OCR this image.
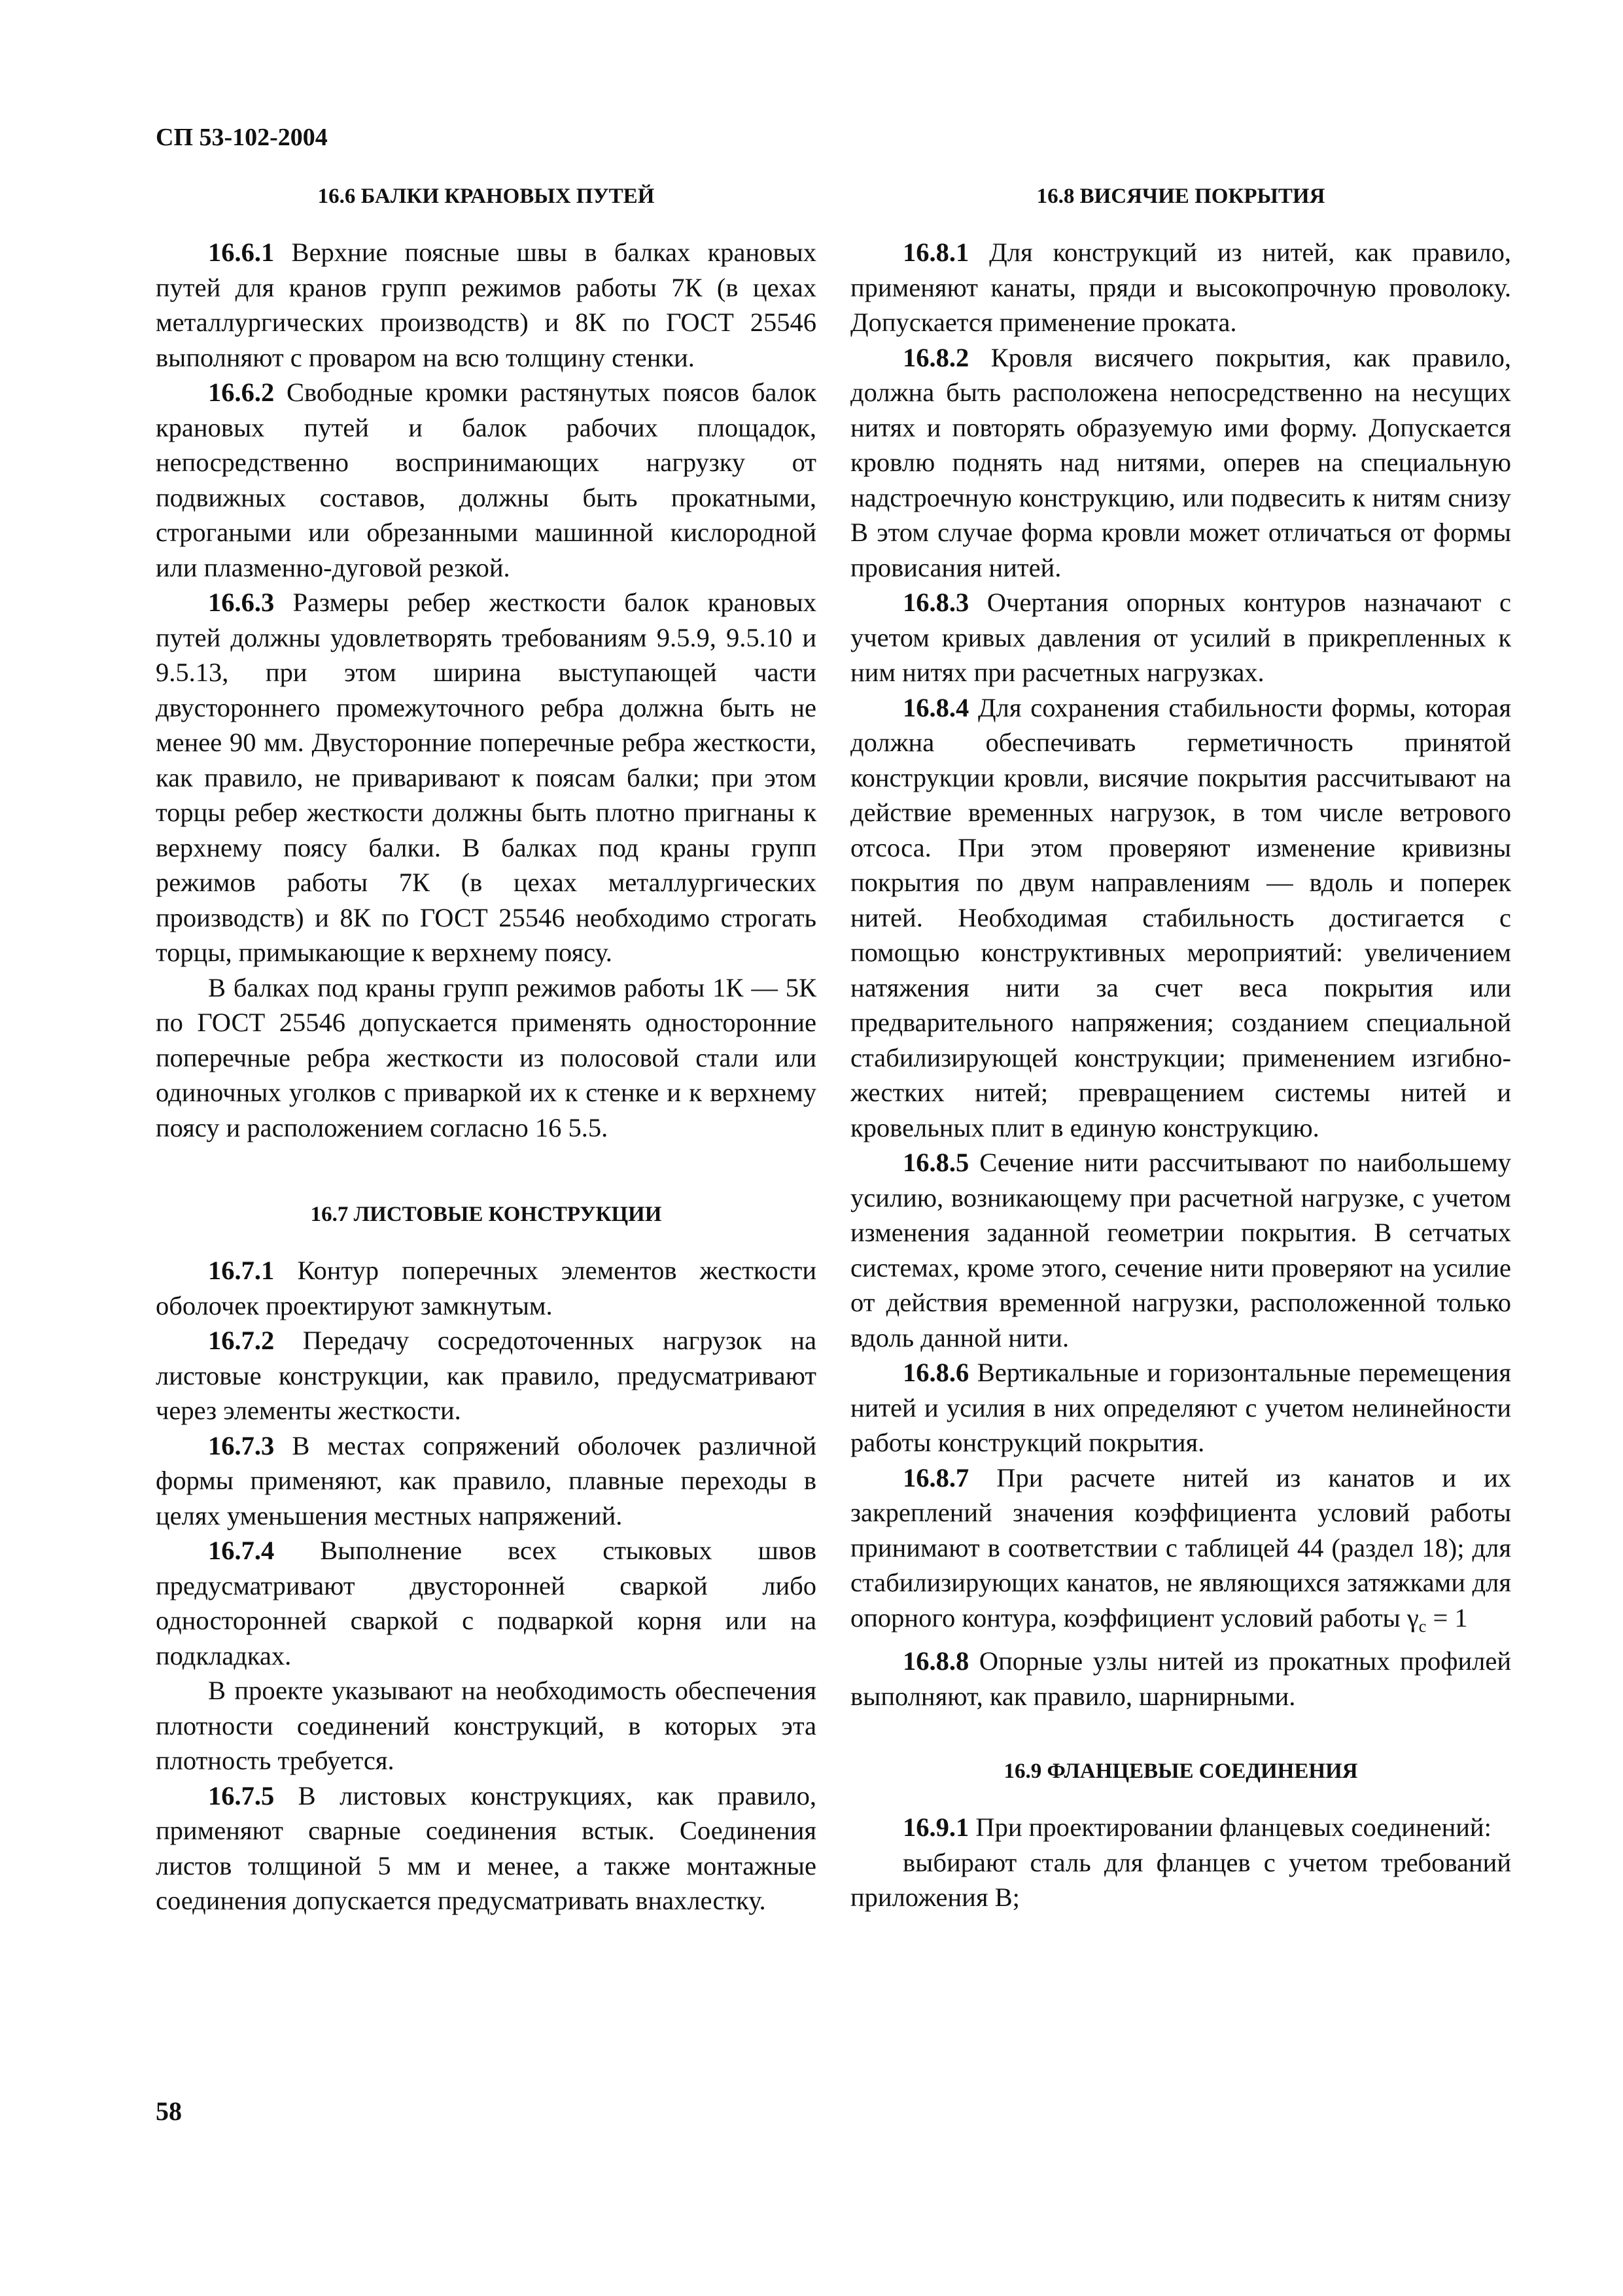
СП 53-102-2004
16.6 БАЛКИ КРАНОВЫХ ПУТЕЙ

16.6.1 Верхние поясные швы в балках крановых путей для кранов групп режимов работы 7К (в цехах металлургических производств) и 8К по ГОСТ 25546 выполняют с проваром на всю толщину стенки.

16.6.2 Свободные кромки растянутых поясов балок крановых путей и балок рабочих площадок, непосредственно воспринимающих нагрузку от подвижных составов, должны быть прокатными, строгаными или обрезанными машинной кислородной или плазменно-дуговой резкой.

16.6.3 Размеры ребер жесткости балок крановых путей должны удовлетворять требованиям 9.5.9, 9.5.10 и 9.5.13, при этом ширина выступающей части двустороннего промежуточного ребра должна быть не менее 90 мм. Двусторонние поперечные ребра жесткости, как правило, не приваривают к поясам балки; при этом торцы ребер жесткости должны быть плотно пригнаны к верхнему поясу балки. В балках под краны групп режимов работы 7К (в цехах металлургических производств) и 8К по ГОСТ 25546 необходимо строгать торцы, примыкающие к верхнему поясу.

В балках под краны групп режимов работы 1К — 5К по ГОСТ 25546 допускается применять односторонние поперечные ребра жесткости из полосовой стали или одиночных уголков с приваркой их к стенке и к верхнему поясу и расположением согласно 16 5.5.

16.7 ЛИСТОВЫЕ КОНСТРУКЦИИ

16.7.1 Контур поперечных элементов жесткости оболочек проектируют замкнутым.

16.7.2 Передачу сосредоточенных нагрузок на листовые конструкции, как правило, предусматривают через элементы жесткости.

16.7.3 В местах сопряжений оболочек различной формы применяют, как правило, плавные переходы в целях уменьшения местных напряжений.

16.7.4 Выполнение всех стыковых швов предусматривают двусторонней сваркой либо односторонней сваркой с подваркой корня или на подкладках.

В проекте указывают на необходимость обеспечения плотности соединений конструкций, в которых эта плотность требуется.

16.7.5 В листовых конструкциях, как правило, применяют сварные соединения встык. Соединения листов толщиной 5 мм и менее, а также монтажные соединения допускается предусматривать внахлестку.

16.8 ВИСЯЧИЕ ПОКРЫТИЯ

16.8.1 Для конструкций из нитей, как правило, применяют канаты, пряди и высокопрочную проволоку. Допускается применение проката.

16.8.2 Кровля висячего покрытия, как правило, должна быть расположена непосредственно на несущих нитях и повторять образуемую ими форму. Допускается кровлю поднять над нитями, оперев на специальную надстроечную конструкцию, или подвесить к нитям снизу В этом случае форма кровли может отличаться от формы провисания нитей.

16.8.3 Очертания опорных контуров назначают с учетом кривых давления от усилий в прикрепленных к ним нитях при расчетных нагрузках.

16.8.4 Для сохранения стабильности формы, которая должна обеспечивать герметичность принятой конструкции кровли, висячие покрытия рассчитывают на действие временных нагрузок, в том числе ветрового отсоса. При этом проверяют изменение кривизны покрытия по двум направлениям — вдоль и поперек нитей. Необходимая стабильность достигается с помощью конструктивных мероприятий: увеличением натяжения нити за счет веса покрытия или предварительного напряжения; созданием специальной стабилизирующей конструкции; применением изгибно-жестких нитей; превращением системы нитей и кровельных плит в единую конструкцию.

16.8.5 Сечение нити рассчитывают по наибольшему усилию, возникающему при расчетной нагрузке, с учетом изменения заданной геометрии покрытия. В сетчатых системах, кроме этого, сечение нити проверяют на усилие от действия временной нагрузки, расположенной только вдоль данной нити.

16.8.6 Вертикальные и горизонтальные перемещения нитей и усилия в них определяют с учетом нелинейности работы конструкций покрытия.

16.8.7 При расчете нитей из канатов и их закреплений значения коэффициента условий работы принимают в соответствии с таблицей 44 (раздел 18); для стабилизирующих канатов, не являющихся затяжками для опорного контура, коэффициент условий работы γc = 1

16.8.8 Опорные узлы нитей из прокатных профилей выполняют, как правило, шарнирными.

16.9 ФЛАНЦЕВЫЕ СОЕДИНЕНИЯ

16.9.1 При проектировании фланцевых соединений:

выбирают сталь для фланцев с учетом требований приложения В;

58
